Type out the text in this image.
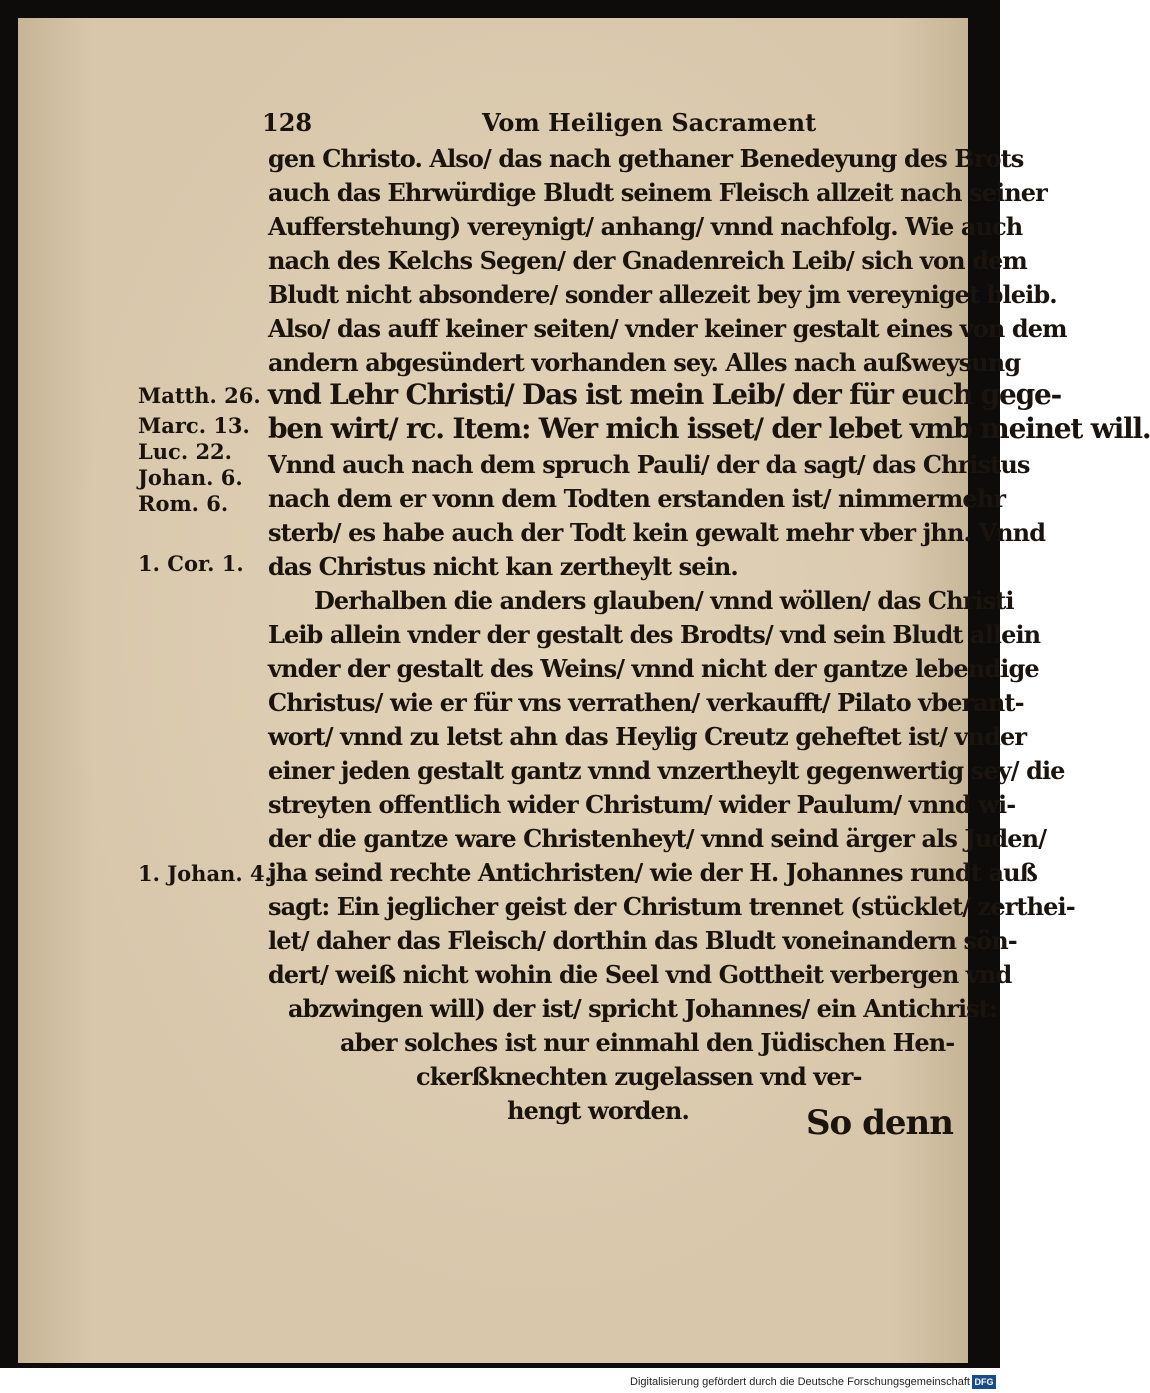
128	Vom Heiligen Sacrament
gen Christo. Also/ das nach gethaner Benedeyung des Brots
auch das Ehrwürdige Bludt seinem Fleisch allzeit nach seiner
Aufferstehung) vereynigt/ anhang/ vnnd nachfolg. Wie auch
nach des Kelchs Segen/ der Gnadenreich Leib/ sich von dem
Bludt nicht absondere/ sonder allezeit bey jm vereyniget bleib.
Also/ das auff keiner seiten/ vnder keiner gestalt eines von dem
andern abgesündert vorhanden sey. Alles nach außweysung
vnd Lehr Christi/ Das ist mein Leib/ der für euch gege-
ben wirt/ rc. Item: Wer mich isset/ der lebet vmb meinet will.
Vnnd auch nach dem spruch Pauli/ der da sagt/ das Christus
nach dem er vonn dem Todten erstanden ist/ nimmermehr
sterb/ es habe auch der Todt kein gewalt mehr vber jhn. Vnnd
das Christus nicht kan zertheylt sein.
Derhalben die anders glauben/ vnnd wöllen/ das Christi
Leib allein vnder der gestalt des Brodts/ vnd sein Bludt allein
vnder der gestalt des Weins/ vnnd nicht der gantze lebendige
Christus/ wie er für vns verrathen/ verkaufft/ Pilato vberant-
wort/ vnnd zu letst ahn das Heylig Creutz geheftet ist/ vnder
einer jeden gestalt gantz vnnd vnzertheylt gegenwertig sey/ die
streyten offentlich wider Christum/ wider Paulum/ vnnd wi-
der die gantze ware Christenheyt/ vnnd seind ärger als Juden/
jha seind rechte Antichristen/ wie der H. Johannes rundt auß
sagt: Ein jeglicher geist der Christum trennet (stücklet/ zerthei-
let/ daher das Fleisch/ dorthin das Bludt voneinandern sön-
dert/ weiß nicht wohin die Seel vnd Gottheit verbergen vnd
abzwingen will) der ist/ spricht Johannes/ ein Antichrist:
aber solches ist nur einmahl den Jüdischen Hen-
ckerßknechten zugelassen vnd ver-
hengt worden.
Matth. 26.
Marc. 13.
Luc. 22.
Johan. 6.
Rom. 6.
1. Cor. 1.
1. Johan. 4.
So denn
Digitalisierung gefördert durch die Deutsche Forschungsgemeinschaft DFG
